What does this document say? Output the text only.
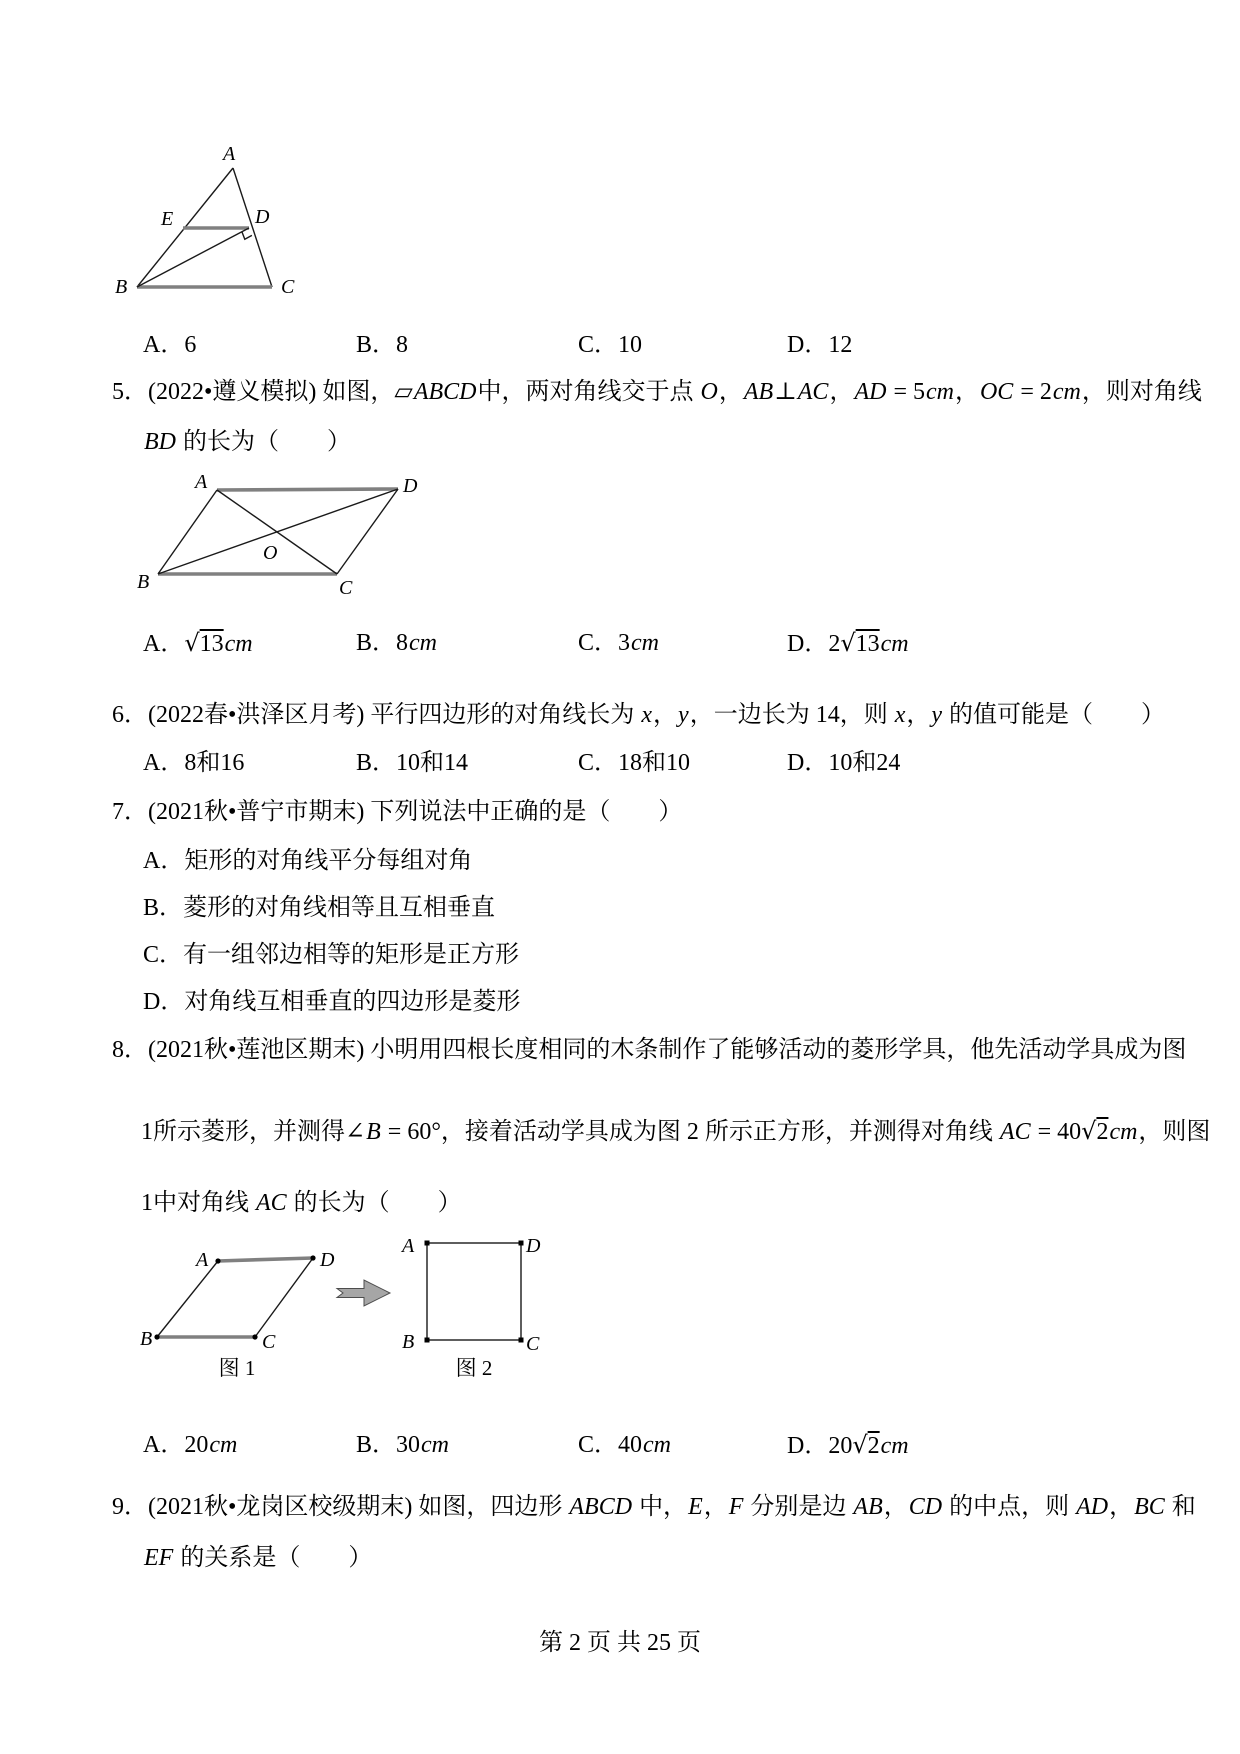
A
B	C
D
E
A．6	B．8	C．10	D．12
5．(2022•遵义模拟) 如图，▱ABCD中，两对角线交于点 O，AB⊥AC，AD = 5cm，OC = 2cm，则对角线
BD 的长为（　　）
A
B	C
D
O
A．√13cm	B．8cm	C．3cm	D．2√13cm
6．(2022春•洪泽区月考) 平行四边形的对角线长为 x，y，一边长为 14，则 x，y 的值可能是（　　）
A．8和16	B．10和14	C．18和10	D．10和24
7．(2021秋•普宁市期末) 下列说法中正确的是（　　）
A．矩形的对角线平分每组对角
B．菱形的对角线相等且互相垂直
C．有一组邻边相等的矩形是正方形
D．对角线互相垂直的四边形是菱形
8．(2021秋•莲池区期末) 小明用四根长度相同的木条制作了能够活动的菱形学具，他先活动学具成为图
1所示菱形，并测得∠B = 60°，接着活动学具成为图 2 所示正方形，并测得对角线 AC = 40√2cm，则图
1中对角线 AC 的长为（　　）
A
B	C
D
图 1
A
B	C
D
图 2
A．20cm	B．30cm	C．40cm	D．20√2cm
9．(2021秋•龙岗区校级期末) 如图，四边形 ABCD 中，E，F 分别是边 AB，CD 的中点，则 AD，BC 和
EF 的关系是（　　）
第 2 页 共 25 页
